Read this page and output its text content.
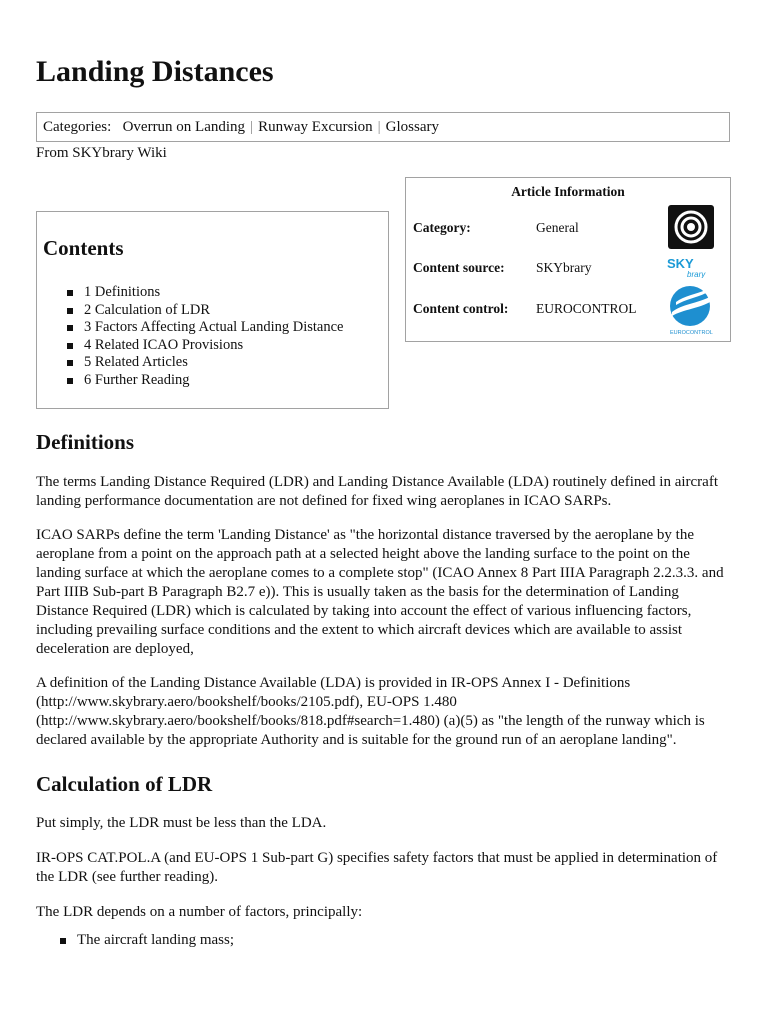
Landing Distances
Categories: Overrun on Landing | Runway Excursion | Glossary
From SKYbrary Wiki
Article Information
Category:	General
Content source:	SKYbrary
Content control:	EUROCONTROL
SKY
brary
EUROCONTROL
Contents
1 Definitions
2 Calculation of LDR
3 Factors Affecting Actual Landing Distance
4 Related ICAO Provisions
5 Related Articles
6 Further Reading
Definitions

The terms Landing Distance Required (LDR) and Landing Distance Available (LDA) routinely defined in aircraft landing performance documentation are not defined for fixed wing aeroplanes in ICAO SARPs.

ICAO SARPs define the term 'Landing Distance' as "the horizontal distance traversed by the aeroplane by the aeroplane from a point on the approach path at a selected height above the landing surface to the point on the landing surface at which the aeroplane comes to a complete stop" (ICAO Annex 8 Part IIIA Paragraph 2.2.3.3. and Part IIIB Sub-part B Paragraph B2.7 e)). This is usually taken as the basis for the determination of Landing Distance Required (LDR) which is calculated by taking into account the effect of various influencing factors, including prevailing surface conditions and the extent to which aircraft devices which are available to assist deceleration are deployed,

A definition of the Landing Distance Available (LDA) is provided in IR-OPS Annex I - Definitions (http://www.skybrary.aero/bookshelf/books/2105.pdf), EU-OPS 1.480 (http://www.skybrary.aero/bookshelf/books/818.pdf#search=1.480) (a)(5) as "the length of the runway which is declared available by the appropriate Authority and is suitable for the ground run of an aeroplane landing".

Calculation of LDR

Put simply, the LDR must be less than the LDA.

IR-OPS CAT.POL.A (and EU-OPS 1 Sub-part G) specifies safety factors that must be applied in determination of the LDR (see further reading).

The LDR depends on a number of factors, principally:

The aircraft landing mass;
